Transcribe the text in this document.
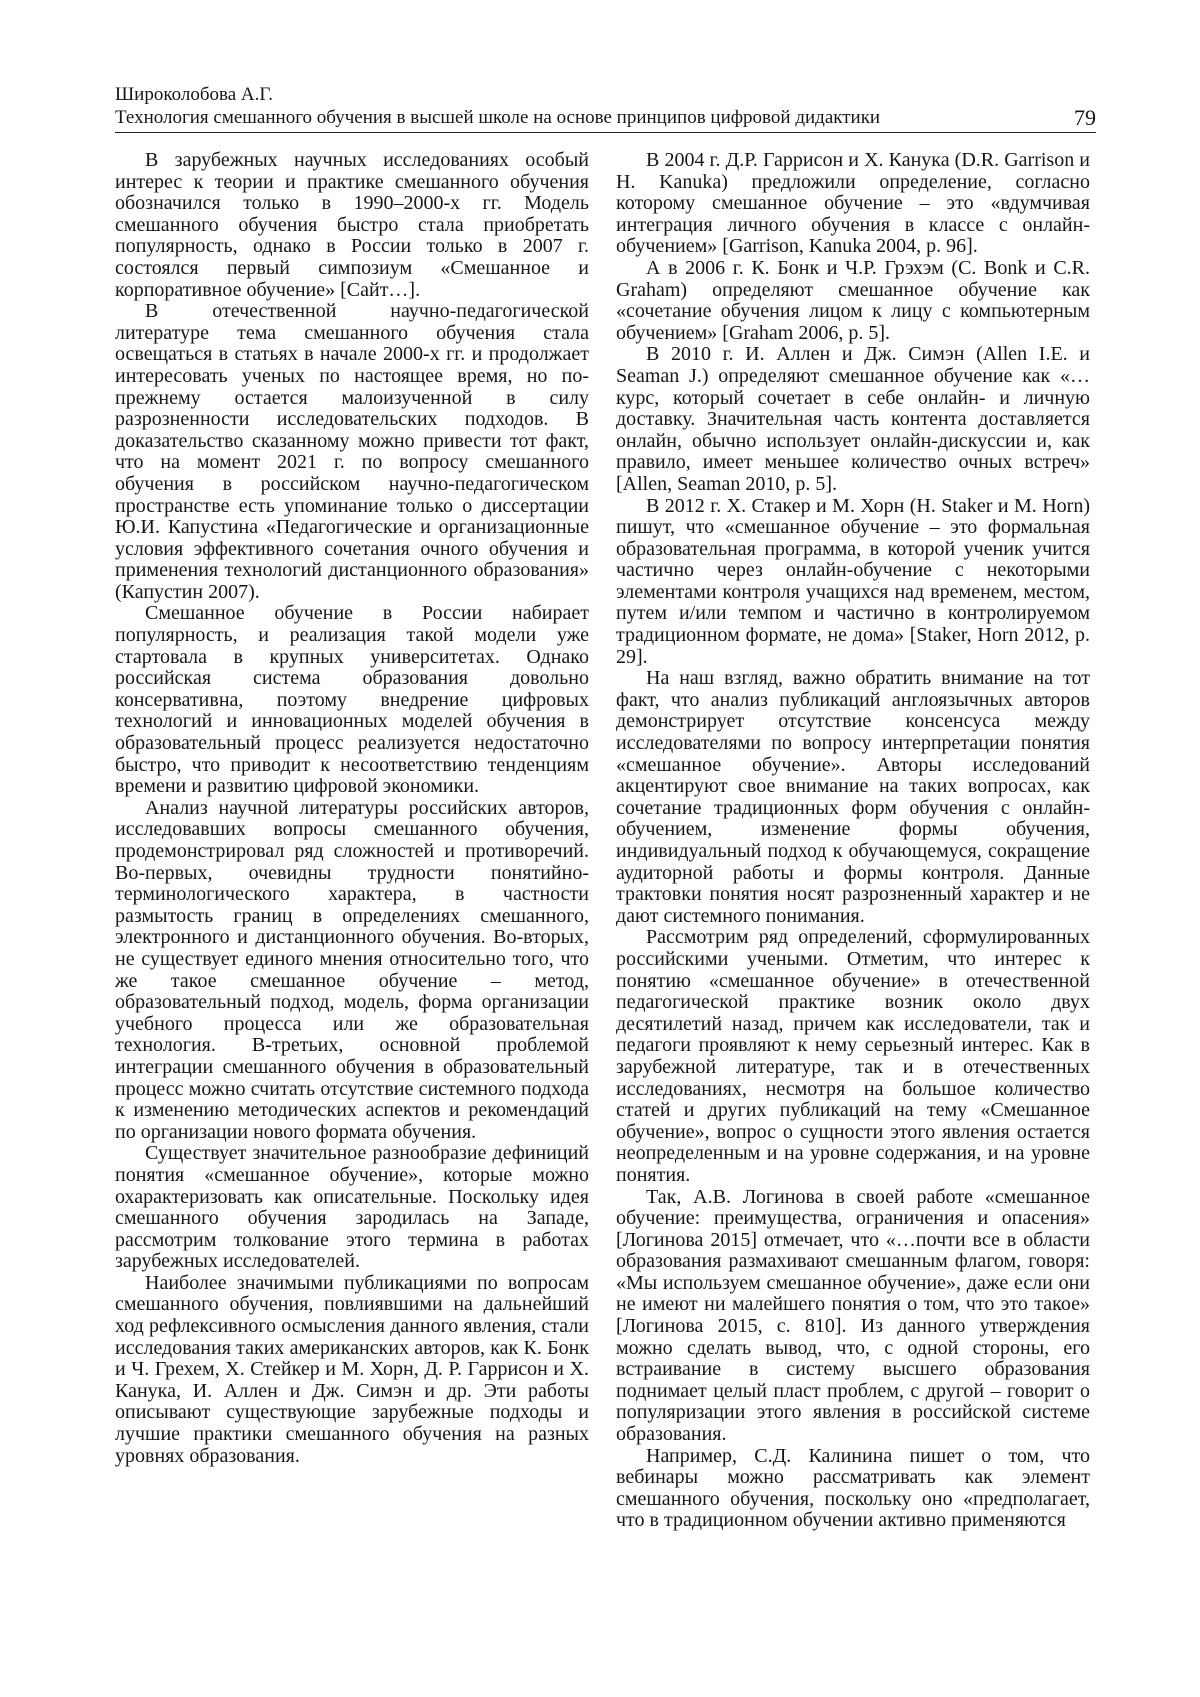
Широколобова А.Г.

Технология смешанного обучения в высшей школе на основе принципов цифровой дидактики	79

В зарубежных научных исследованиях особый интерес к теории и практике смешанного обучения обозначился только в 1990–2000-х гг. Модель смешанного обучения быстро стала приобретать популярность, однако в России только в 2007 г. состоялся первый симпозиум «Смешанное и корпоративное обучение» [Сайт…].

В отечественной научно-педагогической литературе тема смешанного обучения стала освещаться в статьях в начале 2000-х гг. и продолжает интересовать ученых по настоящее время, но по-прежнему остается малоизученной в силу разрозненности исследовательских подходов. В доказательство сказанному можно привести тот факт, что на момент 2021 г. по вопросу смешанного обучения в российском научно-педагогическом пространстве есть упоминание только о диссертации Ю.И. Капустина «Педагогические и организационные условия эффективного сочетания очного обучения и применения технологий дистанционного образования» (Капустин 2007).

Смешанное обучение в России набирает популярность, и реализация такой модели уже стартовала в крупных университетах. Однако российская система образования довольно консервативна, поэтому внедрение цифровых технологий и инновационных моделей обучения в образовательный процесс реализуется недостаточно быстро, что приводит к несоответствию тенденциям времени и развитию цифровой экономики.

Анализ научной литературы российских авторов, исследовавших вопросы смешанного обучения, продемонстрировал ряд сложностей и противоречий. Во-первых, очевидны трудности понятийно-терминологического характера, в частности размытость границ в определениях смешанного, электронного и дистанционного обучения. Во-вторых, не существует единого мнения относительно того, что же такое смешанное обучение – метод, образовательный подход, модель, форма организации учебного процесса или же образовательная технология. В-третьих, основной проблемой интеграции смешанного обучения в образовательный процесс можно считать отсутствие системного подхода к изменению методических аспектов и рекомендаций по организации нового формата обучения.

Существует значительное разнообразие дефиниций понятия «смешанное обучение», которые можно охарактеризовать как описательные. Поскольку идея смешанного обучения зародилась на Западе, рассмотрим толкование этого термина в работах зарубежных исследователей.

Наиболее значимыми публикациями по вопросам смешанного обучения, повлиявшими на дальнейший ход рефлексивного осмысления данного явления, стали исследования таких американских авторов, как К. Бонк и Ч. Грехем, Х. Стейкер и М. Хорн, Д. Р. Гаррисон и Х. Канука, И. Аллен и Дж. Симэн и др. Эти работы описывают существующие зарубежные подходы и лучшие практики смешанного обучения на разных уровнях образования.

В 2004 г. Д.Р. Гаррисон и Х. Канука (D.R. Garrison и H. Kanuka) предложили определение, согласно которому смешанное обучение – это «вдумчивая интеграция личного обучения в классе с онлайн-обучением» [Garrison, Kanuka 2004, p. 96].

А в 2006 г. К. Бонк и Ч.Р. Грэхэм (C. Bonk и C.R. Graham) определяют смешанное обучение как «сочетание обучения лицом к лицу с компьютерным обучением» [Graham 2006, p. 5].

В 2010 г. И. Аллен и Дж. Симэн (Allen I.E. и Seaman J.) определяют смешанное обучение как «… курс, который сочетает в себе онлайн- и личную доставку. Значительная часть контента доставляется онлайн, обычно использует онлайн-дискуссии и, как правило, имеет меньшее количество очных встреч» [Allen, Seaman 2010, p. 5].

В 2012 г. Х. Стакер и М. Хорн (H. Staker и M. Horn) пишут, что «смешанное обучение – это формальная образовательная программа, в которой ученик учится частично через онлайн-обучение с некоторыми элементами контроля учащихся над временем, местом, путем и/или темпом и частично в контролируемом традиционном формате, не дома» [Staker, Horn 2012, p. 29].

На наш взгляд, важно обратить внимание на тот факт, что анализ публикаций англоязычных авторов демонстрирует отсутствие консенсуса между исследователями по вопросу интерпретации понятия «смешанное обучение». Авторы исследований акцентируют свое внимание на таких вопросах, как сочетание традиционных форм обучения с онлайн-обучением, изменение формы обучения, индивидуальный подход к обучающемуся, сокращение аудиторной работы и формы контроля. Данные трактовки понятия носят разрозненный характер и не дают системного понимания.

Рассмотрим ряд определений, сформулированных российскими учеными. Отметим, что интерес к понятию «смешанное обучение» в отечественной педагогической практике возник около двух десятилетий назад, причем как исследователи, так и педагоги проявляют к нему серьезный интерес. Как в зарубежной литературе, так и в отечественных исследованиях, несмотря на большое количество статей и других публикаций на тему «Смешанное обучение», вопрос о сущности этого явления остается неопределенным и на уровне содержания, и на уровне понятия.

Так, А.В. Логинова в своей работе «смешанное обучение: преимущества, ограничения и опасения» [Логинова 2015] отмечает, что «…почти все в области образования размахивают смешанным флагом, говоря: «Мы используем смешанное обучение», даже если они не имеют ни малейшего понятия о том, что это такое» [Логинова 2015, с. 810]. Из данного утверждения можно сделать вывод, что, с одной стороны, его встраивание в систему высшего образования поднимает целый пласт проблем, с другой – говорит о популяризации этого явления в российской системе образования.

Например, С.Д. Калинина пишет о том, что вебинары можно рассматривать как элемент смешанного обучения, поскольку оно «предполагает, что в традиционном обучении активно применяются
